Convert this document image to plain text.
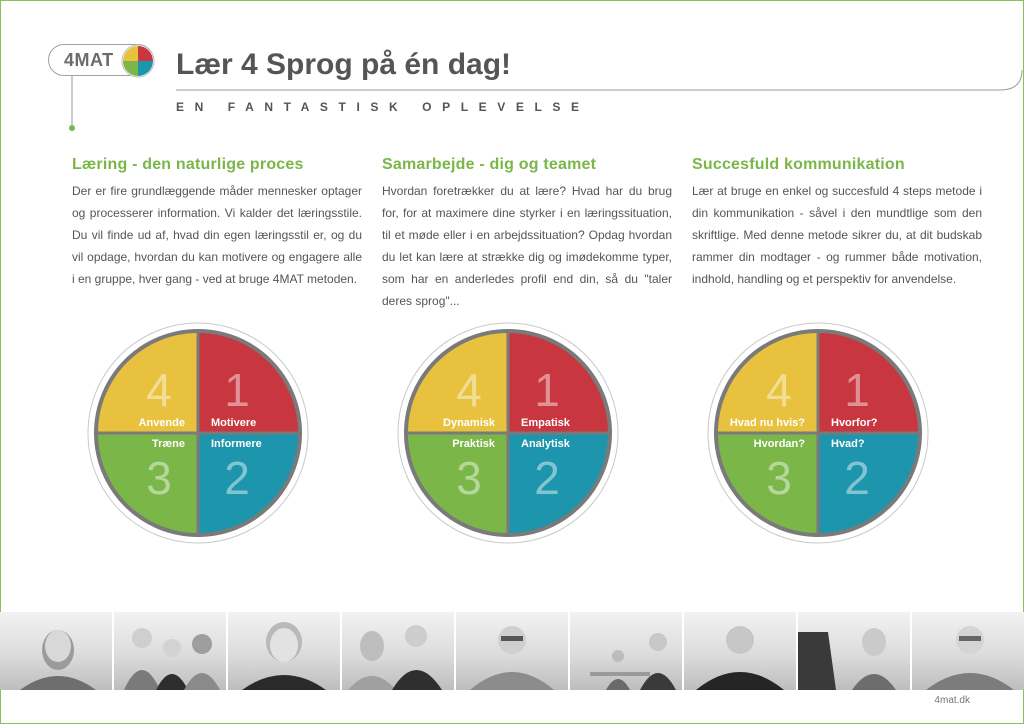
4MAT Lær 4 Sprog på én dag!
EN FANTASTISK OPLEVELSE
Læring - den naturlige proces

Der er fire grundlæggende måder mennesker optager og processerer information. Vi kalder det læringsstile. Du vil finde ud af, hvad din egen læringsstil er, og du vil opdage, hvordan du kan motivere og engagere alle i en gruppe, hver gang - ved at bruge 4MAT metoden.

Samarbejde - dig og teamet

Hvordan foretrækker du at lære? Hvad har du brug for, for at maximere dine styrker i en læringssituation, til et møde eller i en arbejdssituation? Opdag hvordan du let kan lære at strække dig og imødekomme typer, som har en anderledes profil end din, så du "taler deres sprog"...

Succesfuld kommunikation

Lær at bruge en enkel og succesfuld 4 steps metode i din kommunikation - såvel i den mundtlige som den skriftlige. Med denne metode sikrer du, at dit budskab rammer din modtager - og rummer både motivation, indhold, handling og et perspektiv for anvendelse.

1
2
3
4
Motivere
Informere
Træne
Anvende
1
2
3
4
Empatisk
Analytisk
Praktisk
Dynamisk
1
2
3
4
Hvorfor?
Hvad?
Hvordan?
Hvad nu hvis?
4mat.dk
